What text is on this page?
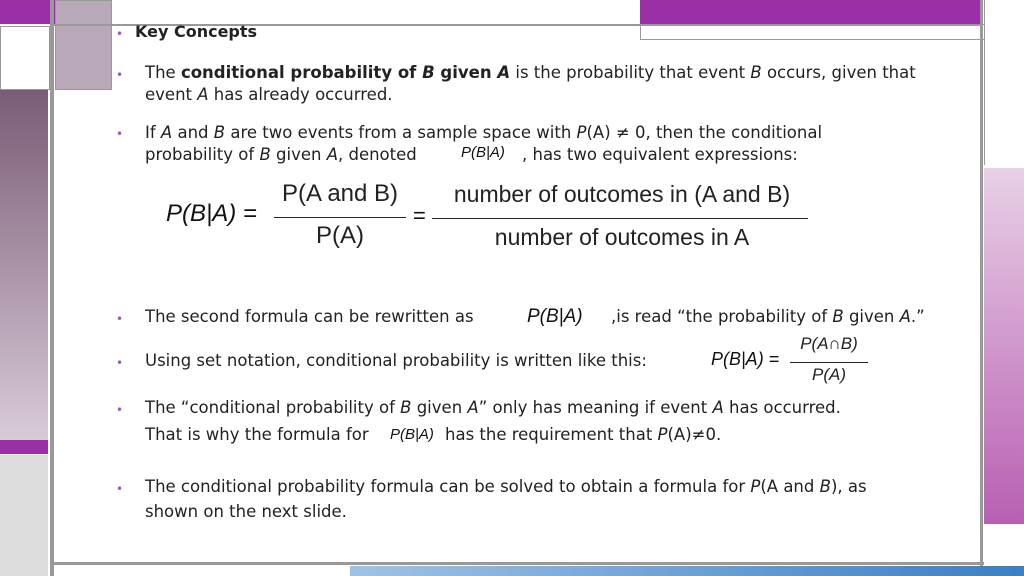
• Key Concepts
• The conditional probability of B given A is the probability that event B occurs, given that
event A has already occurred.
• If A and B are two events from a sample space with P(A) ≠ 0, then the conditional
probability of B given A, denoted	P(B|A) , has two equivalent expressions:
P(B|A) =
P(A and B)
P(A)
=
number of outcomes in (A and B)
number of outcomes in A
• The second formula can be rewritten as	P(B|A) ,is read “the probability of B given A.”
• Using set notation, conditional probability is written like this:	P(B|A) =
P(A∩B)
P(A)
• The “conditional probability of B given A” only has meaning if event A has occurred.
That is why the formula for P(B|A) has the requirement that P(A)≠0.
• The conditional probability formula can be solved to obtain a formula for P(A and B), as
shown on the next slide.
